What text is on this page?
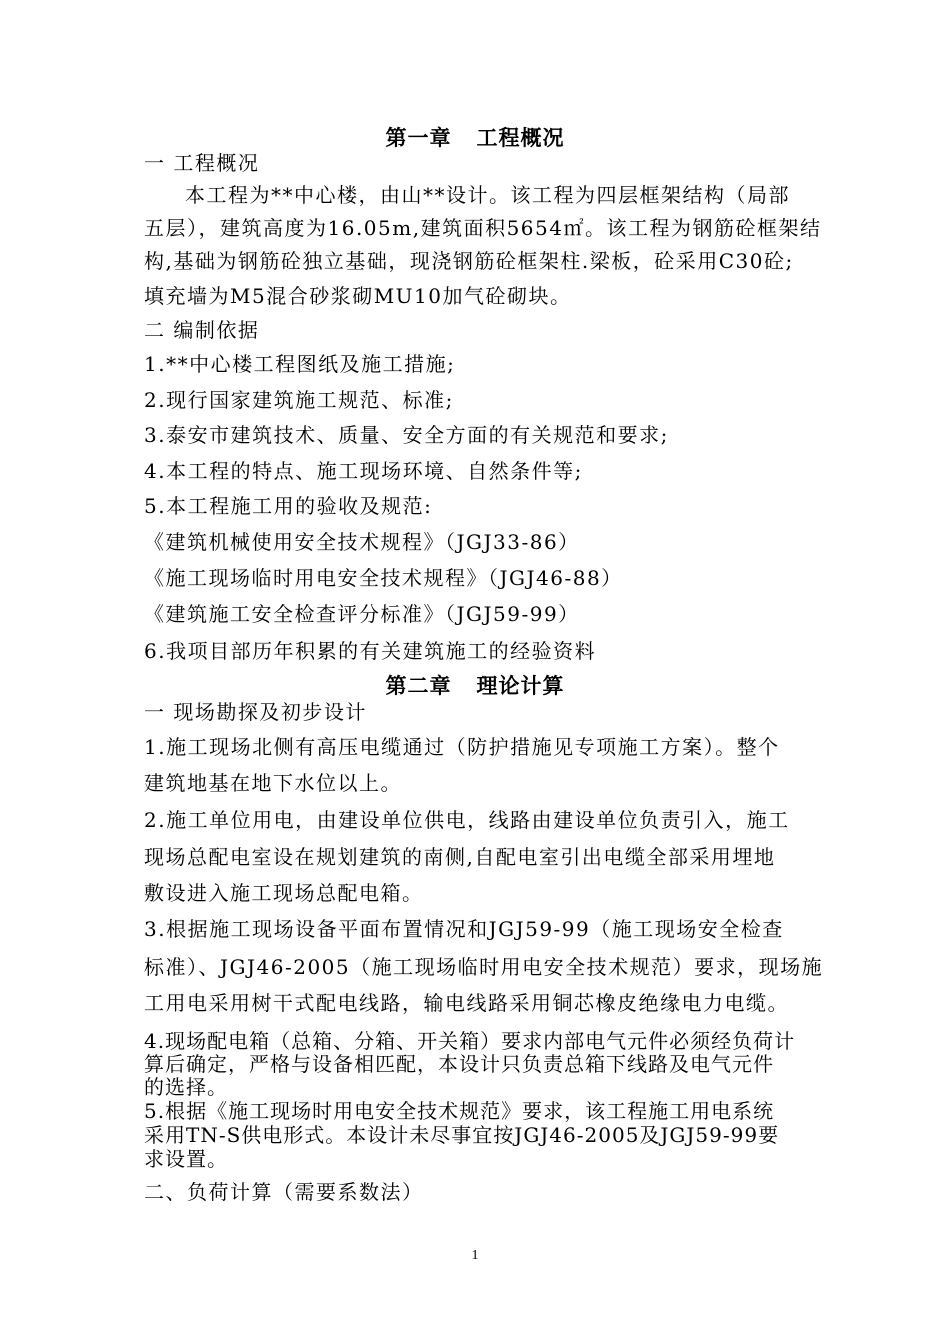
第一章   工程概况
一 工程概况
本工程为**中心楼，由山**设计。该工程为四层框架结构（局部
五层），建筑高度为16.05m,建筑面积5654㎡。该工程为钢筋砼框架结
构,基础为钢筋砼独立基础，现浇钢筋砼框架柱.梁板，砼采用C30砼;
填充墙为M5混合砂浆砌MU10加气砼砌块。
二 编制依据
1.**中心楼工程图纸及施工措施;
2.现行国家建筑施工规范、标准;
3.泰安市建筑技术、质量、安全方面的有关规范和要求;
4.本工程的特点、施工现场环境、自然条件等;
5.本工程施工用的验收及规范:
《建筑机械使用安全技术规程》（JGJ33-86）
《施工现场临时用电安全技术规程》（JGJ46-88）
《建筑施工安全检查评分标准》（JGJ59-99）
6.我项目部历年积累的有关建筑施工的经验资料
第二章   理论计算
一 现场勘探及初步设计
1.施工现场北侧有高压电缆通过（防护措施见专项施工方案）。整个
建筑地基在地下水位以上。
2.施工单位用电，由建设单位供电，线路由建设单位负责引入，施工
现场总配电室设在规划建筑的南侧,自配电室引出电缆全部采用埋地
敷设进入施工现场总配电箱。
3.根据施工现场设备平面布置情况和JGJ59-99（施工现场安全检查
标准）、JGJ46-2005（施工现场临时用电安全技术规范）要求，现场施
工用电采用树干式配电线路，输电线路采用铜芯橡皮绝缘电力电缆。
4.现场配电箱（总箱、分箱、开关箱）要求内部电气元件必须经负荷计
算后确定，严格与设备相匹配，本设计只负责总箱下线路及电气元件
的选择。
5.根据《施工现场时用电安全技术规范》要求，该工程施工用电系统
采用TN-S供电形式。本设计未尽事宜按JGJ46-2005及JGJ59-99要
求设置。
二、负荷计算（需要系数法）
1
